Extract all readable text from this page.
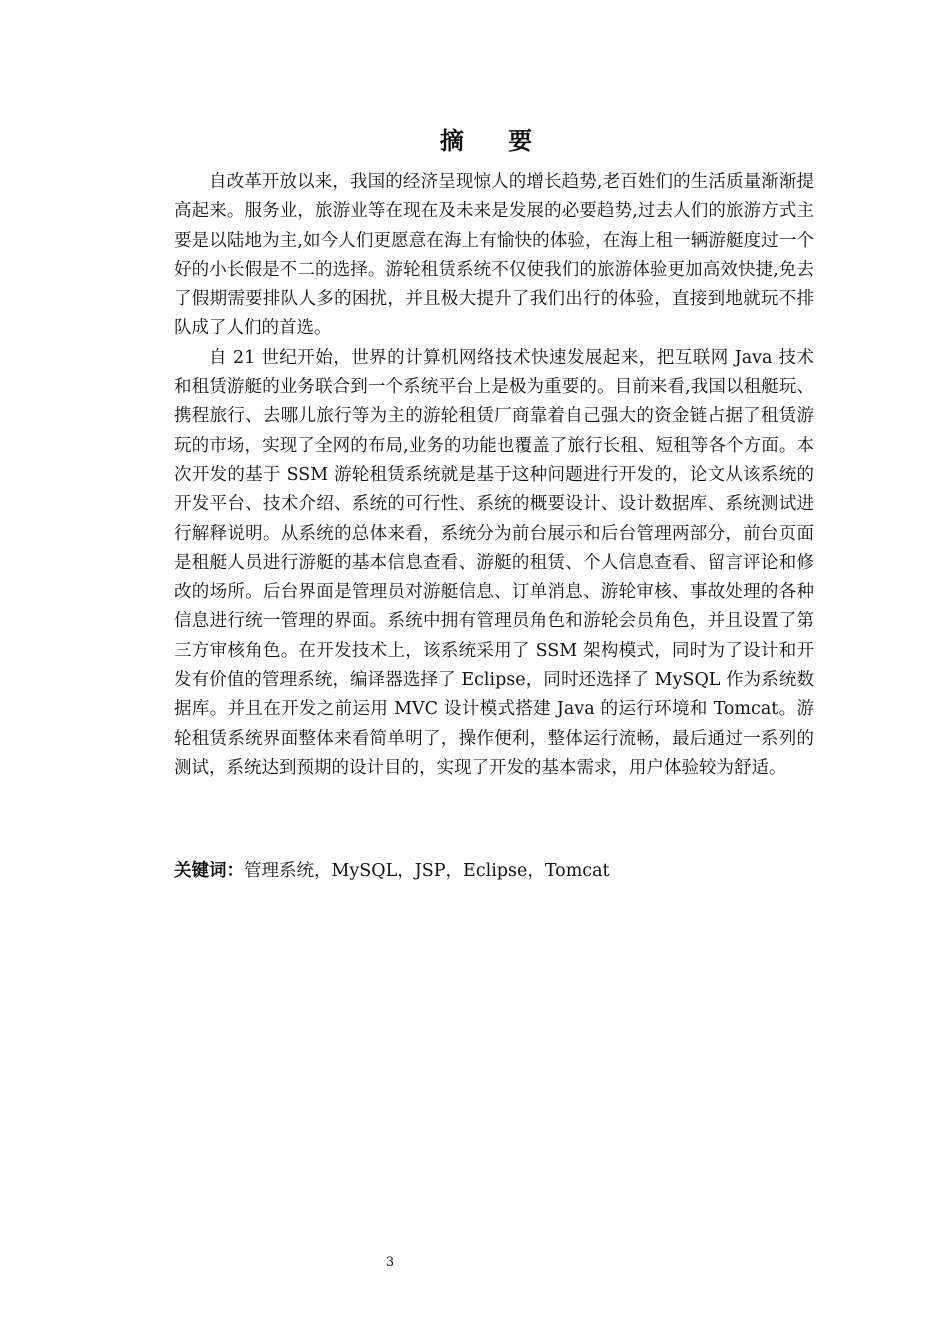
摘 要

自改革开放以来，我国的经济呈现惊人的增长趋势,老百姓们的生活质量渐渐提高起来。服务业，旅游业等在现在及未来是发展的必要趋势,过去人们的旅游方式主要是以陆地为主,如今人们更愿意在海上有愉快的体验，在海上租一辆游艇度过一个好的小长假是不二的选择。游轮租赁系统不仅使我们的旅游体验更加高效快捷,免去了假期需要排队人多的困扰，并且极大提升了我们出行的体验，直接到地就玩不排队成了人们的首选。

自 21 世纪开始，世界的计算机网络技术快速发展起来，把互联网 Java 技术和租赁游艇的业务联合到一个系统平台上是极为重要的。目前来看,我国以租艇玩、携程旅行、去哪儿旅行等为主的游轮租赁厂商靠着自己强大的资金链占据了租赁游玩的市场，实现了全网的布局,业务的功能也覆盖了旅行长租、短租等各个方面。本次开发的基于 SSM 游轮租赁系统就是基于这种问题进行开发的，论文从该系统的开发平台、技术介绍、系统的可行性、系统的概要设计、设计数据库、系统测试进行解释说明。从系统的总体来看，系统分为前台展示和后台管理两部分，前台页面是租艇人员进行游艇的基本信息查看、游艇的租赁、个人信息查看、留言评论和修改的场所。后台界面是管理员对游艇信息、订单消息、游轮审核、事故处理的各种信息进行统一管理的界面。系统中拥有管理员角色和游轮会员角色，并且设置了第三方审核角色。在开发技术上，该系统采用了 SSM 架构模式，同时为了设计和开发有价值的管理系统，编译器选择了 Eclipse，同时还选择了 MySQL 作为系统数据库。并且在开发之前运用 MVC 设计模式搭建 Java 的运行环境和 Tomcat。游轮租赁系统界面整体来看简单明了，操作便利，整体运行流畅，最后通过一系列的测试，系统达到预期的设计目的，实现了开发的基本需求，用户体验较为舒适。

关键词：管理系统，MySQL，JSP，Eclipse，Tomcat
3
